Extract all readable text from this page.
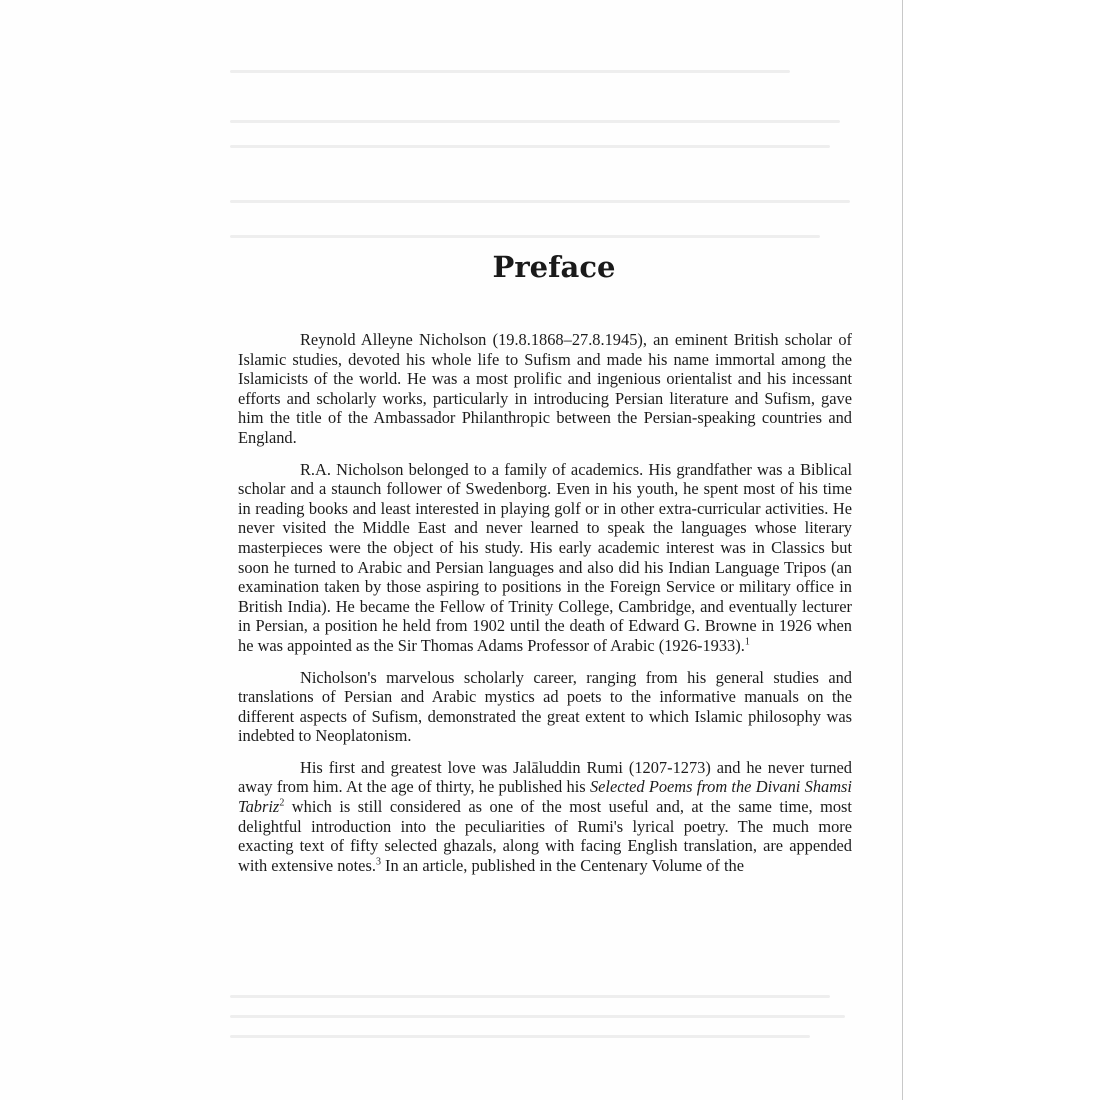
Preface

Reynold Alleyne Nicholson (19.8.1868–27.8.1945), an eminent British scholar of Islamic studies, devoted his whole life to Sufism and made his name immortal among the Islamicists of the world. He was a most prolific and ingenious orientalist and his incessant efforts and scholarly works, particularly in introducing Persian literature and Sufism, gave him the title of the Ambassador Philanthropic between the Persian-speaking countries and England.

R.A. Nicholson belonged to a family of academics. His grandfather was a Biblical scholar and a staunch follower of Swedenborg. Even in his youth, he spent most of his time in reading books and least interested in playing golf or in other extra-curricular activities. He never visited the Middle East and never learned to speak the languages whose literary masterpieces were the object of his study. His early academic interest was in Classics but soon he turned to Arabic and Persian languages and also did his Indian Language Tripos (an examination taken by those aspiring to positions in the Foreign Service or military office in British India). He became the Fellow of Trinity College, Cambridge, and eventually lecturer in Persian, a position he held from 1902 until the death of Edward G. Browne in 1926 when he was appointed as the Sir Thomas Adams Professor of Arabic (1926-1933).$^1$

Nicholson's marvelous scholarly career, ranging from his general studies and translations of Persian and Arabic mystics ad poets to the informative manuals on the different aspects of Sufism, demonstrated the great extent to which Islamic philosophy was indebted to Neoplatonism.

His first and greatest love was Jalāluddin Rumi (1207-1273) and he never turned away from him. At the age of thirty, he published his Selected Poems from the Divani Shamsi Tabriz$^2$ which is still considered as one of the most useful and, at the same time, most delightful introduction into the peculiarities of Rumi's lyrical poetry. The much more exacting text of fifty selected ghazals, along with facing English translation, are appended with extensive notes.$^3$ In an article, published in the Centenary Volume of the
